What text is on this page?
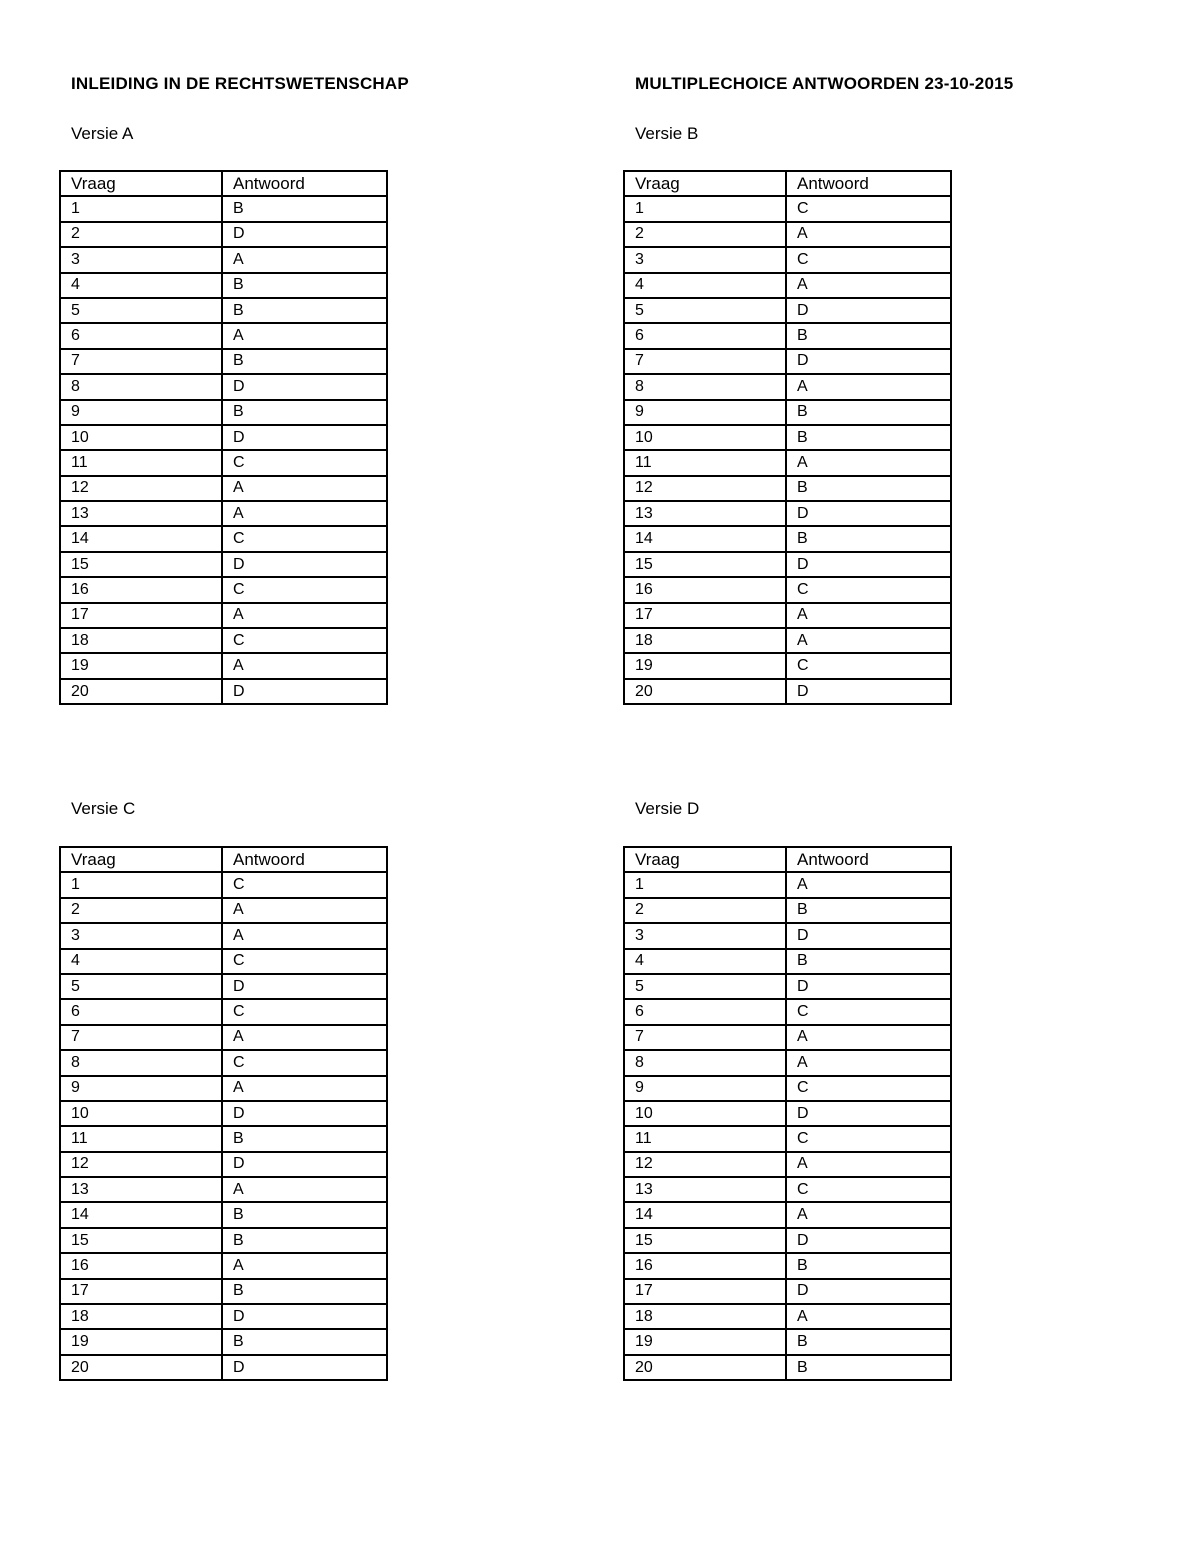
INLEIDING IN DE RECHTSWETENSCHAP	MULTIPLECHOICE ANTWOORDEN 23-10-2015
Versie A	Versie B
Versie C	Versie D
Vraag	Antwoord
1	B
2	D
3	A
4	B
5	B
6	A
7	B
8	D
9	B
10	D
11	C
12	A
13	A
14	C
15	D
16	C
17	A
18	C
19	A
20	D
Vraag	Antwoord
1	C
2	A
3	C
4	A
5	D
6	B
7	D
8	A
9	B
10	B
11	A
12	B
13	D
14	B
15	D
16	C
17	A
18	A
19	C
20	D
Vraag	Antwoord
1	C
2	A
3	A
4	C
5	D
6	C
7	A
8	C
9	A
10	D
11	B
12	D
13	A
14	B
15	B
16	A
17	B
18	D
19	B
20	D
Vraag	Antwoord
1	A
2	B
3	D
4	B
5	D
6	C
7	A
8	A
9	C
10	D
11	C
12	A
13	C
14	A
15	D
16	B
17	D
18	A
19	B
20	B
